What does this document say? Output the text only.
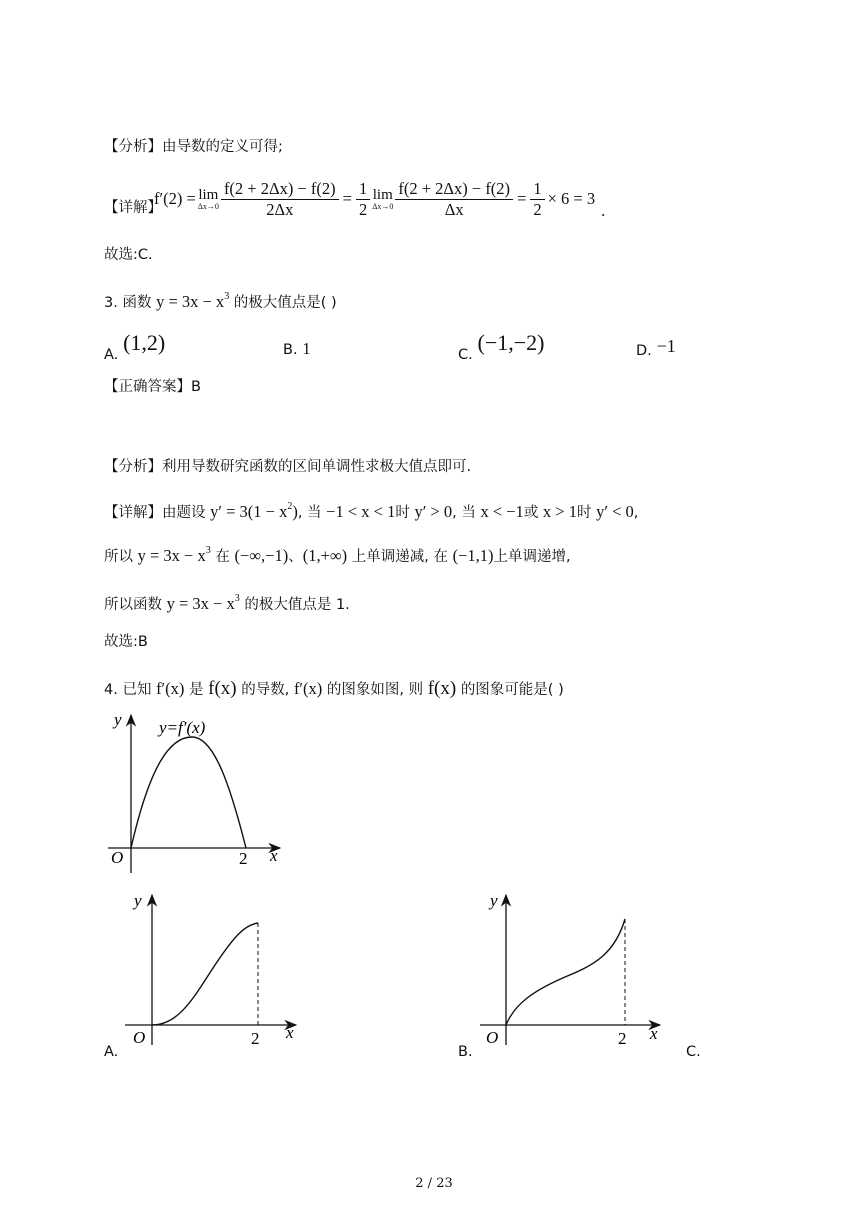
【分析】由导数的定义可得;
【详解】
f′(2) = lim
$\Delta x\to 0 \frac{f(2 + 2\Delta x) - f(2)}{2\Delta x} = \frac{1}{2}$ lim
$\Delta x\to 0 \frac{f(2 + 2\Delta x) - f(2)}{\Delta x} = \frac{1}{2} \times 6 = 3$
.
故选:C.
3. 函数 $y = 3x - x^3$ 的极大值点是( )
A. (1,2)	B. 1	C. (−1,−2)	D. −1
【正确答案】B
【分析】利用导数研究函数的区间单调性求极大值点即可.
【详解】由题设 $y' = 3(1 - x^2)$, 当 −1 < x < 1时 y′ > 0, 当 x < −1或 x > 1时 y′ < 0,
所以 $y = 3x - x^3$ 在 (−∞,−1)、(1,+∞) 上单调递减, 在 (−1,1)上单调递增,
所以函数 $y = 3x - x^3$ 的极大值点是 1.
故选:B
4. 已知 f′(x) 是 f(x) 的导数, f′(x) 的图象如图, 则 f(x) 的图象可能是( )
y
x
O	2
y=f′(x)
y
x
O	2
y
x
O	2
A.	B.	C.
2 / 23
